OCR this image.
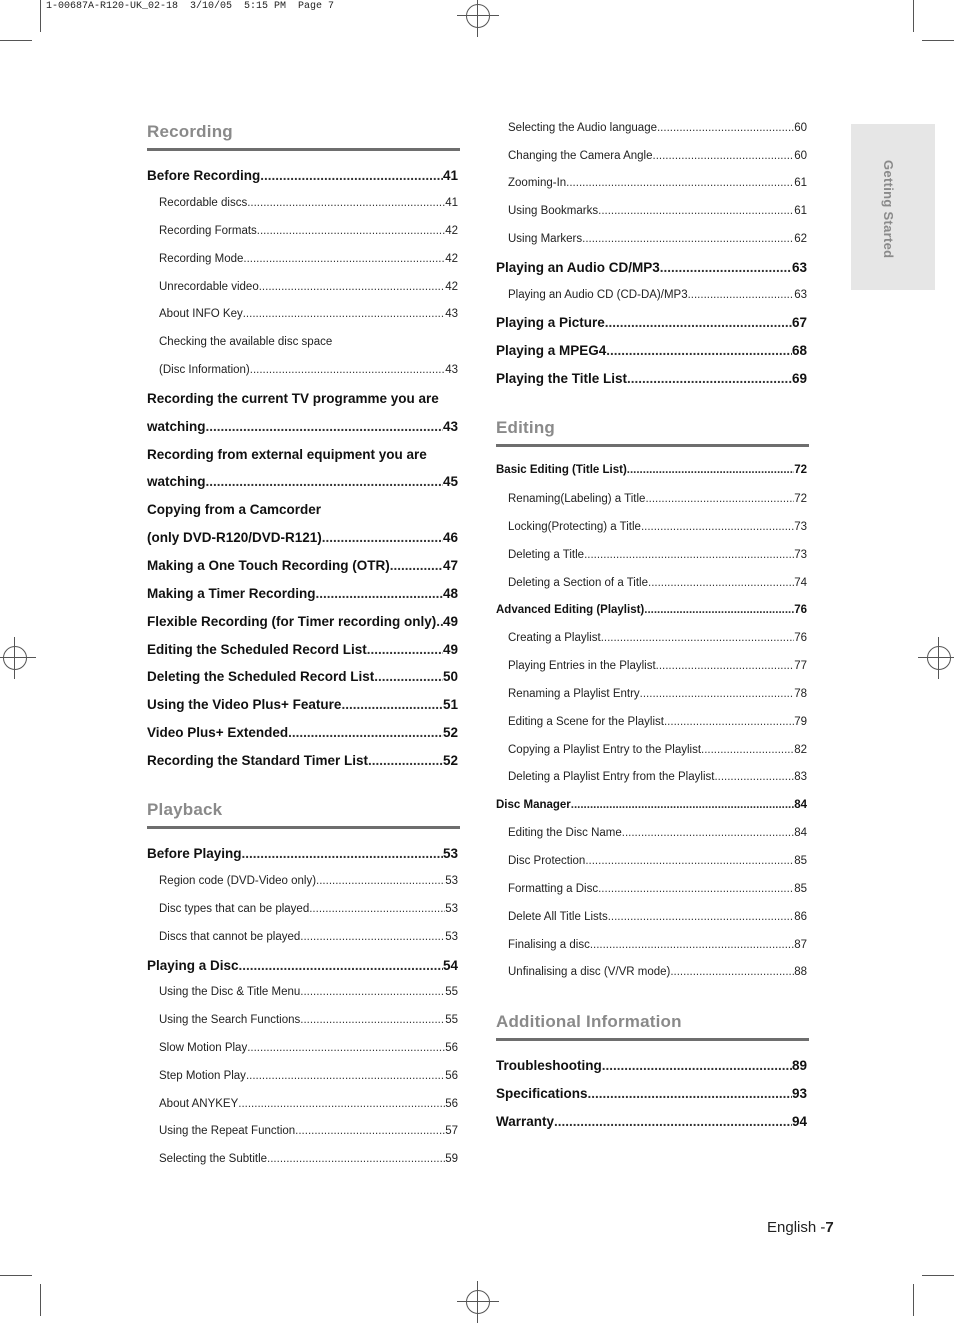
1-00687A-R120-UK_02-18  3/10/05  5:15 PM  Page 7
Getting Started
Recording
Before Recording .....	41
Recordable discs .....	41
Recording Formats .....	42
Recording Mode .....	42
Unrecordable video .....	42
About INFO Key .....	43
Checking the available disc space
(Disc Information) .....	43
Recording the current TV programme you are
watching .....	43
Recording from external equipment you are
watching .....	45
Copying from a Camcorder
(only DVD-R120/DVD-R121) .....	46
Making a One Touch Recording (OTR) .....	47
Making a Timer Recording .....	48
Flexible Recording (for Timer recording only) ..... 49
Editing the Scheduled Record List .....	49
Deleting the Scheduled Record List .....	50
Using the Video Plus+ Feature .....	51
Video Plus+ Extended .....	52
Recording the Standard Timer List .....	52
Playback
Before Playing .....	53
Region code (DVD-Video only) .....	53
Disc types that can be played .....	53
Discs that cannot be played .....	53
Playing a Disc .....	54
Using the Disc & Title Menu .....	55
Using the Search Functions .....	55
Slow Motion Play .....	56
Step Motion Play .....	56
About ANYKEY .....	56
Using the Repeat Function .....	57
Selecting the Subtitle .....	59
Selecting the Audio language .....	60
Changing the Camera Angle .....	60
Zooming-In .....	61
Using Bookmarks .....	61
Using Markers .....	62
Playing an Audio CD/MP3 .....	63
Playing an Audio CD (CD-DA)/MP3 .....	63
Playing a Picture .....	67
Playing a MPEG4 .....	68
Playing the Title List .....	69
Editing
Basic Editing (Title List) .....	72
Renaming(Labeling) a Title .....	72
Locking(Protecting) a Title .....	73
Deleting a Title .....	73
Deleting a Section of a Title .....	74
Advanced Editing (Playlist) .....	76
Creating a Playlist .....	76
Playing Entries in the Playlist .....	77
Renaming a Playlist Entry .....	78
Editing a Scene for the Playlist .....	79
Copying a Playlist Entry to the Playlist .....	82
Deleting a Playlist Entry from the Playlist .....	83
Disc Manager .....	84
Editing the Disc Name .....	84
Disc Protection .....	85
Formatting a Disc .....	85
Delete All Title Lists .....	86
Finalising a disc .....	87
Unfinalising a disc (V/VR mode) .....	88
Additional Information
Troubleshooting .....	89
Specifications .....	93
Warranty .....	94
English -7
